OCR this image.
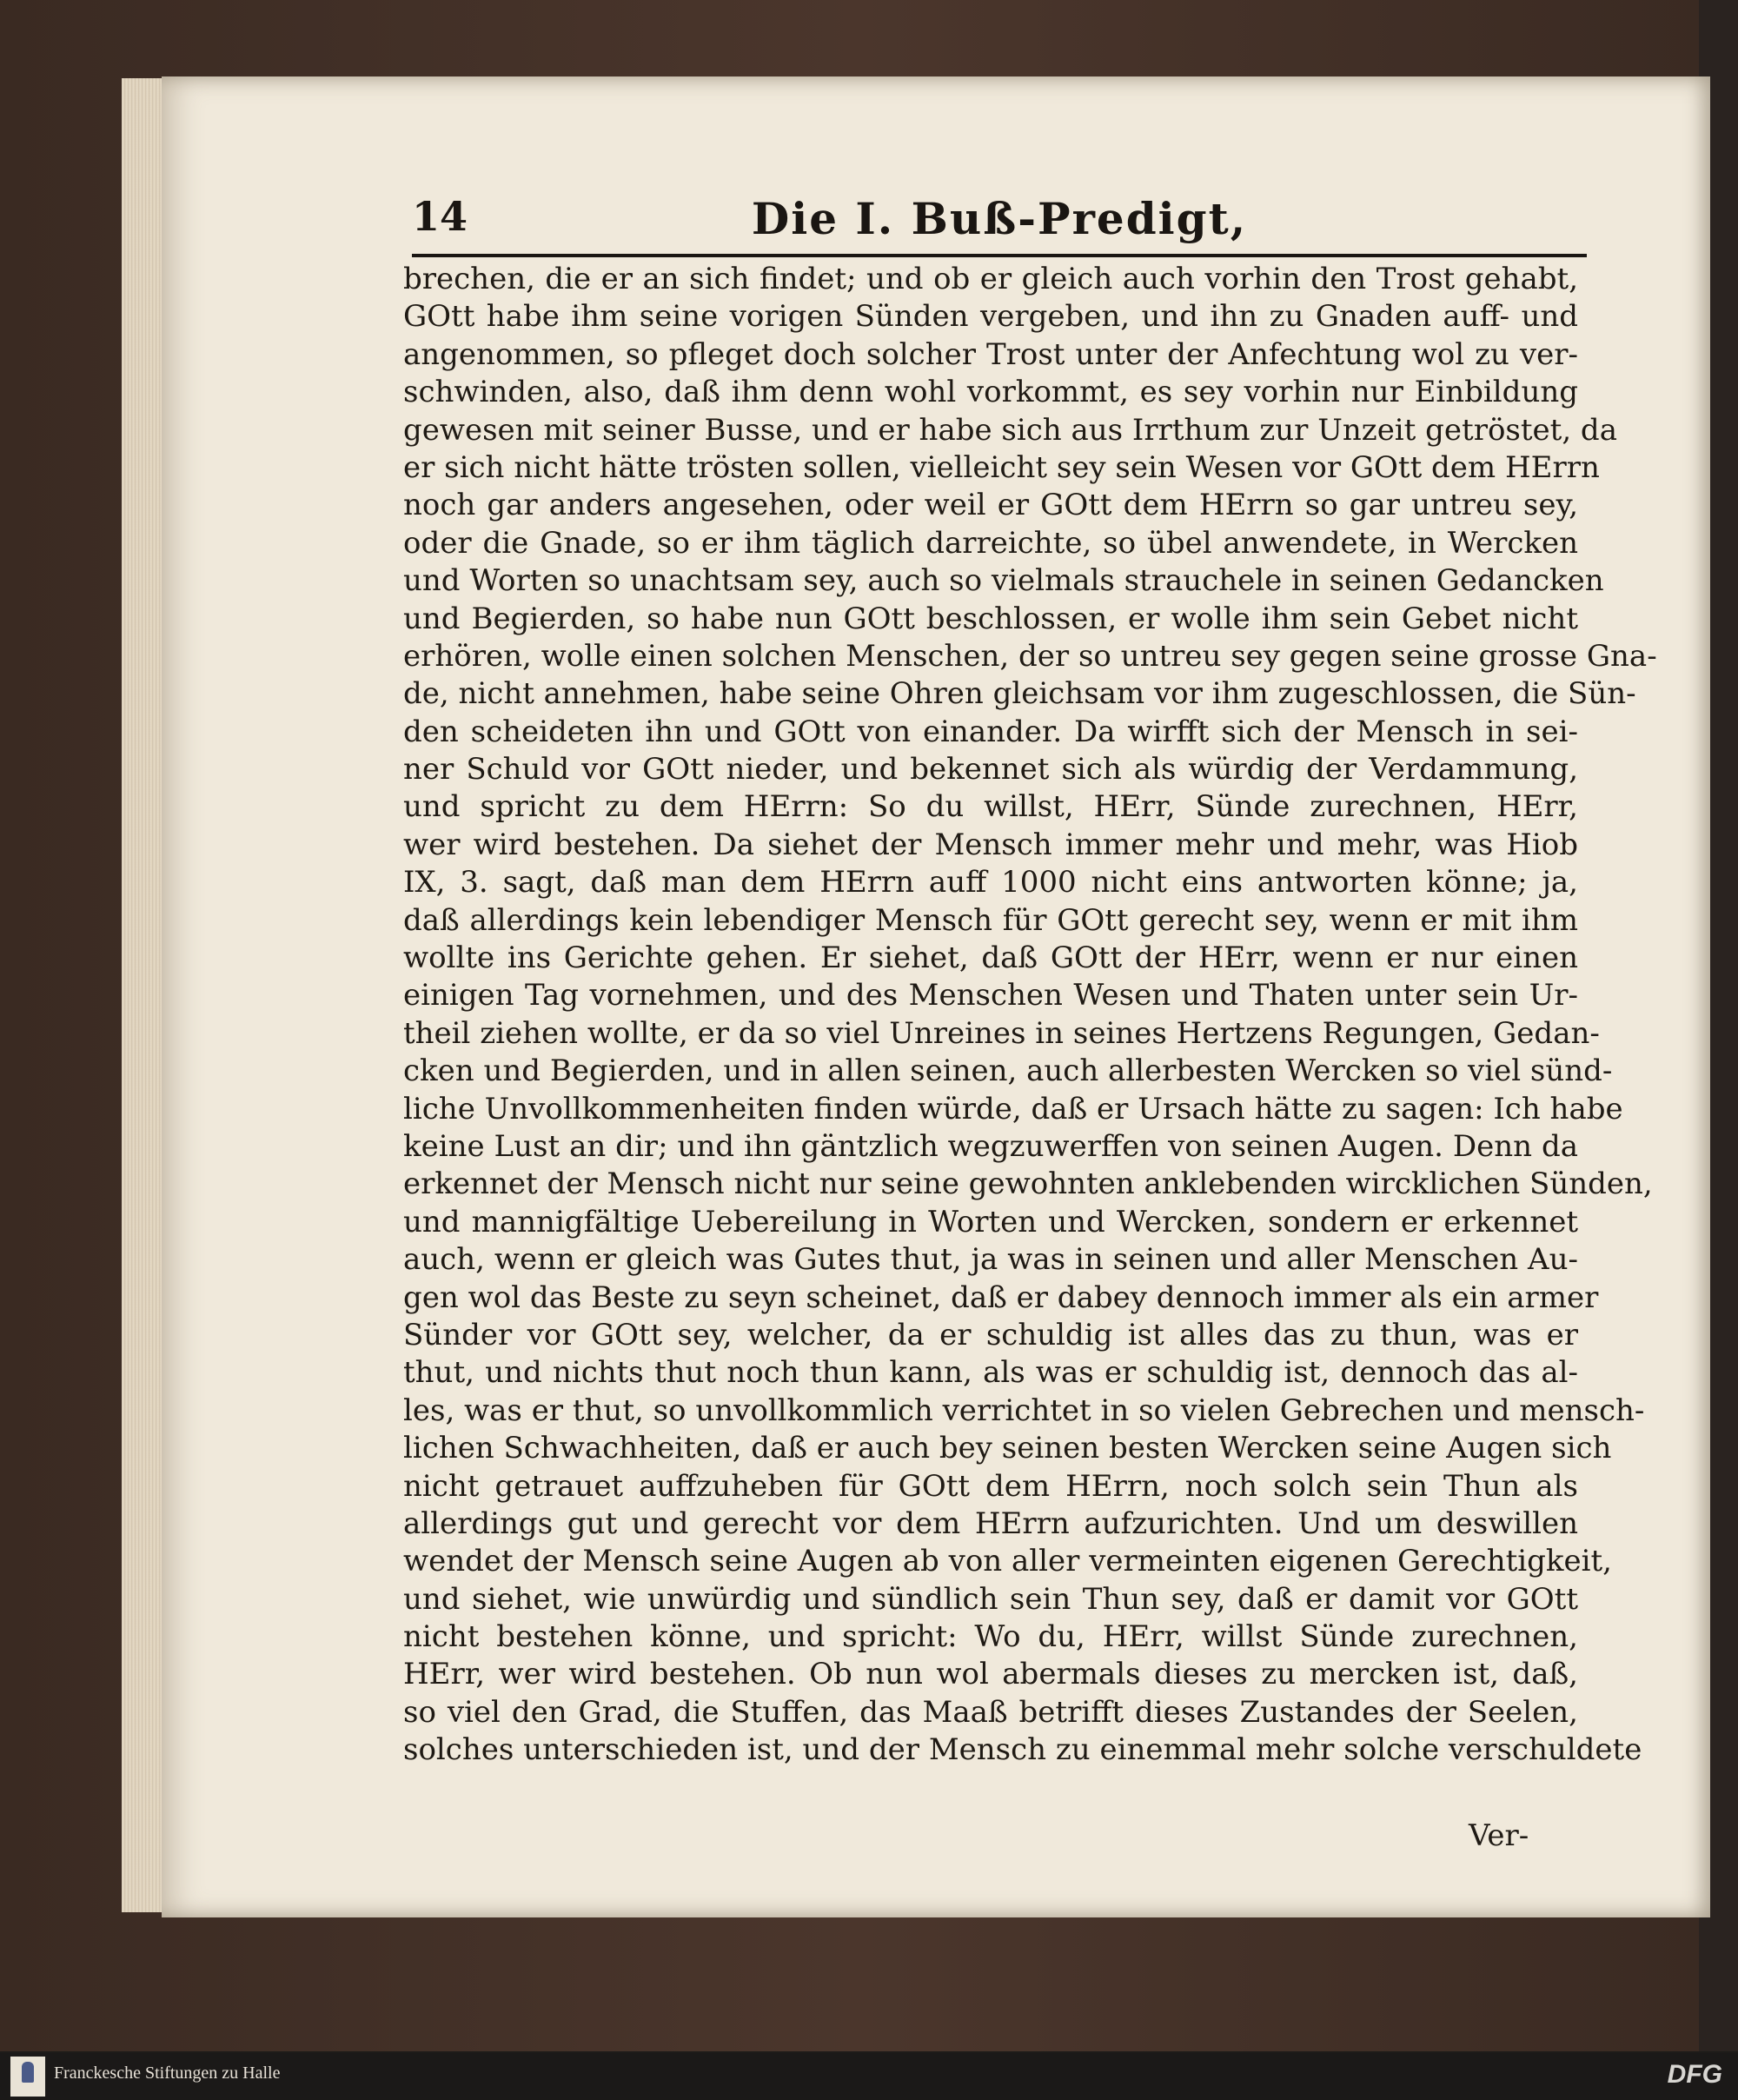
14	Die I. Buß-Predigt,
brechen, die er an sich findet; und ob er gleich auch vorhin den Trost gehabt,
GOtt habe ihm seine vorigen Sünden vergeben, und ihn zu Gnaden auff- und
angenommen, so pfleget doch solcher Trost unter der Anfechtung wol zu ver-
schwinden, also, daß ihm denn wohl vorkommt, es sey vorhin nur Einbildung
gewesen mit seiner Busse, und er habe sich aus Irrthum zur Unzeit getröstet, da
er sich nicht hätte trösten sollen, vielleicht sey sein Wesen vor GOtt dem HErrn
noch gar anders angesehen, oder weil er GOtt dem HErrn so gar untreu sey,
oder die Gnade, so er ihm täglich darreichte, so übel anwendete, in Wercken
und Worten so unachtsam sey, auch so vielmals strauchele in seinen Gedancken
und Begierden, so habe nun GOtt beschlossen, er wolle ihm sein Gebet nicht
erhören, wolle einen solchen Menschen, der so untreu sey gegen seine grosse Gna-
de, nicht annehmen, habe seine Ohren gleichsam vor ihm zugeschlossen, die Sün-
den scheideten ihn und GOtt von einander. Da wirfft sich der Mensch in sei-
ner Schuld vor GOtt nieder, und bekennet sich als würdig der Verdammung,
und spricht zu dem HErrn: So du willst, HErr, Sünde zurechnen, HErr,
wer wird bestehen. Da siehet der Mensch immer mehr und mehr, was Hiob
IX, 3. sagt, daß man dem HErrn auff 1000 nicht eins antworten könne; ja,
daß allerdings kein lebendiger Mensch für GOtt gerecht sey, wenn er mit ihm
wollte ins Gerichte gehen. Er siehet, daß GOtt der HErr, wenn er nur einen
einigen Tag vornehmen, und des Menschen Wesen und Thaten unter sein Ur-
theil ziehen wollte, er da so viel Unreines in seines Hertzens Regungen, Gedan-
cken und Begierden, und in allen seinen, auch allerbesten Wercken so viel sünd-
liche Unvollkommenheiten finden würde, daß er Ursach hätte zu sagen: Ich habe
keine Lust an dir; und ihn gäntzlich wegzuwerffen von seinen Augen. Denn da
erkennet der Mensch nicht nur seine gewohnten anklebenden wircklichen Sünden,
und mannigfältige Uebereilung in Worten und Wercken, sondern er erkennet
auch, wenn er gleich was Gutes thut, ja was in seinen und aller Menschen Au-
gen wol das Beste zu seyn scheinet, daß er dabey dennoch immer als ein armer
Sünder vor GOtt sey, welcher, da er schuldig ist alles das zu thun, was er
thut, und nichts thut noch thun kann, als was er schuldig ist, dennoch das al-
les, was er thut, so unvollkommlich verrichtet in so vielen Gebrechen und mensch-
lichen Schwachheiten, daß er auch bey seinen besten Wercken seine Augen sich
nicht getrauet auffzuheben für GOtt dem HErrn, noch solch sein Thun als
allerdings gut und gerecht vor dem HErrn aufzurichten. Und um deswillen
wendet der Mensch seine Augen ab von aller vermeinten eigenen Gerechtigkeit,
und siehet, wie unwürdig und sündlich sein Thun sey, daß er damit vor GOtt
nicht bestehen könne, und spricht: Wo du, HErr, willst Sünde zurechnen,
HErr, wer wird bestehen. Ob nun wol abermals dieses zu mercken ist, daß,
so viel den Grad, die Stuffen, das Maaß betrifft dieses Zustandes der Seelen,
solches unterschieden ist, und der Mensch zu einemmal mehr solche verschuldete
Ver-
Franckesche Stiftungen zu Halle	DFG
